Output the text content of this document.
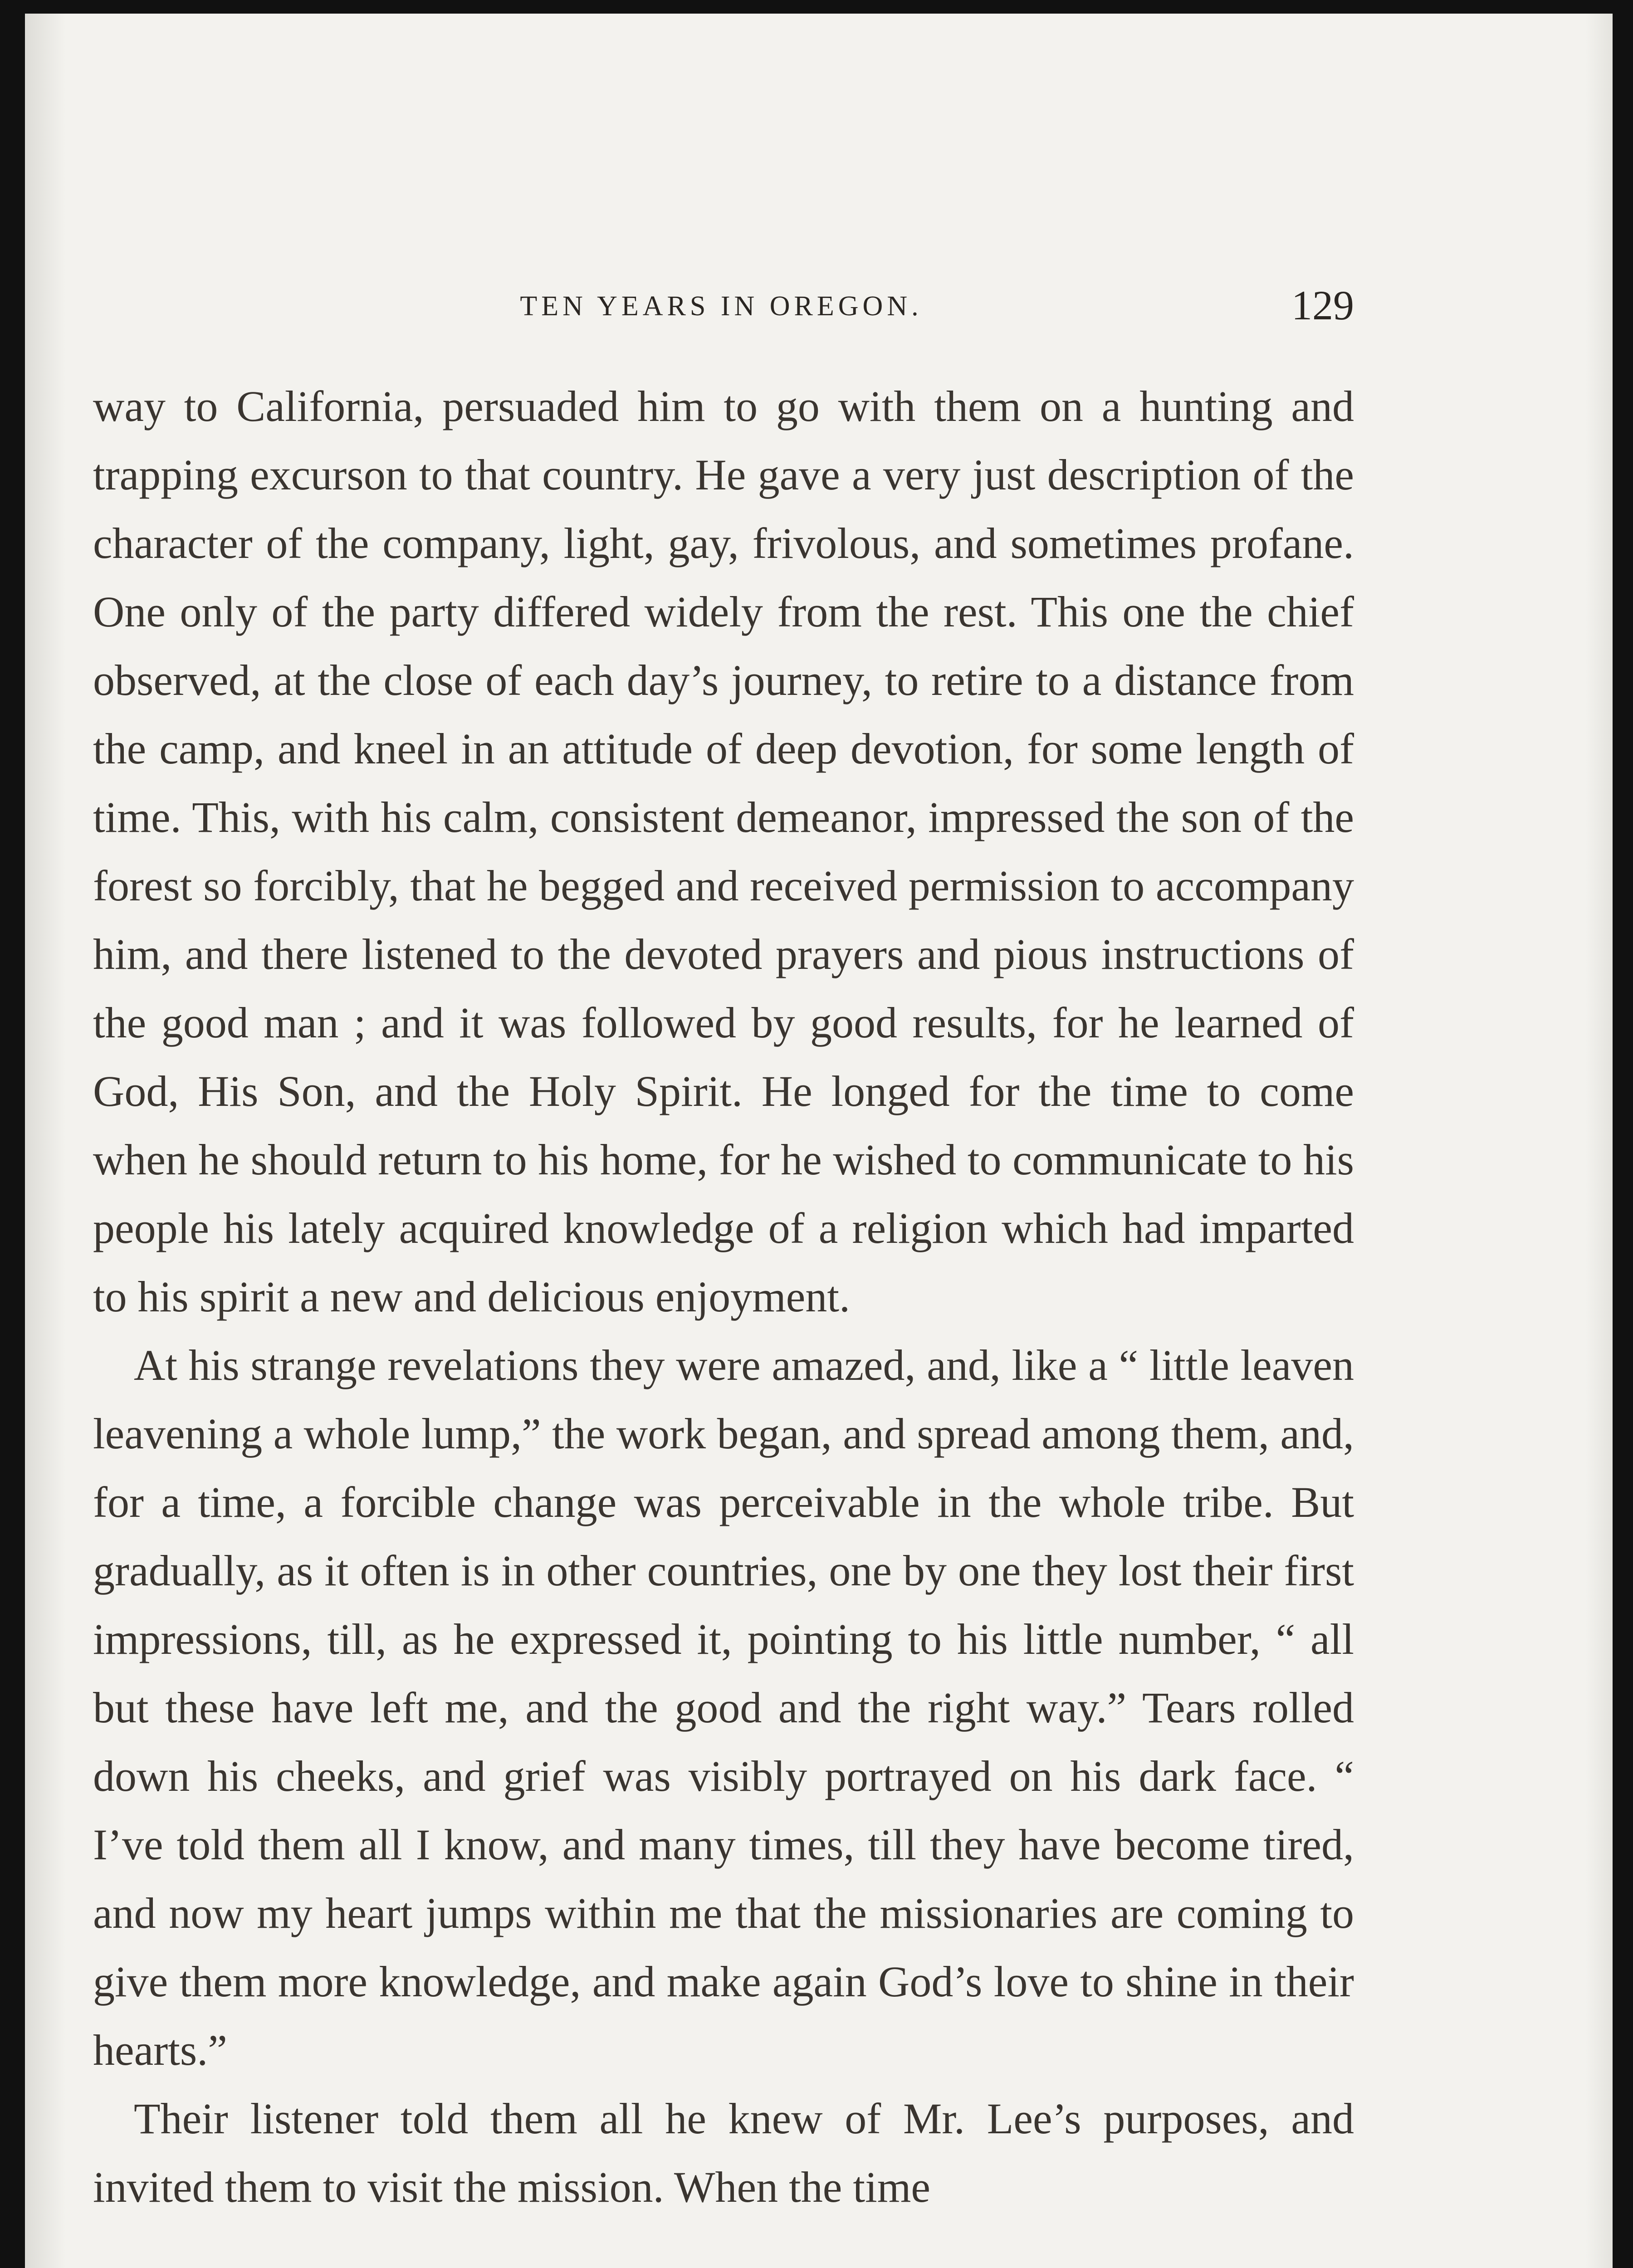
TEN YEARS IN OREGON.	129

way to California, persuaded him to go with them on a hunting and trapping excurson to that country. He gave a very just description of the character of the company, light, gay, frivolous, and sometimes profane. One only of the party differed widely from the rest. This one the chief observed, at the close of each day’s journey, to retire to a distance from the camp, and kneel in an attitude of deep devotion, for some length of time. This, with his calm, consistent demeanor, impressed the son of the forest so forcibly, that he begged and received permission to accompany him, and there listened to the devoted prayers and pious instructions of the good man ; and it was followed by good results, for he learned of God, His Son, and the Holy Spirit. He longed for the time to come when he should return to his home, for he wished to communicate to his people his lately acquired knowledge of a religion which had imparted to his spirit a new and delicious enjoyment.

At his strange revelations they were amazed, and, like a “ little leaven leavening a whole lump,” the work began, and spread among them, and, for a time, a forcible change was perceivable in the whole tribe. But gradually, as it often is in other countries, one by one they lost their first impressions, till, as he expressed it, pointing to his little number, “ all but these have left me, and the good and the right way.” Tears rolled down his cheeks, and grief was visibly portrayed on his dark face. “ I’ve told them all I know, and many times, till they have become tired, and now my heart jumps within me that the missionaries are coming to give them more knowledge, and make again God’s love to shine in their hearts.”

Their listener told them all he knew of Mr. Lee’s purposes, and invited them to visit the mission. When the time
